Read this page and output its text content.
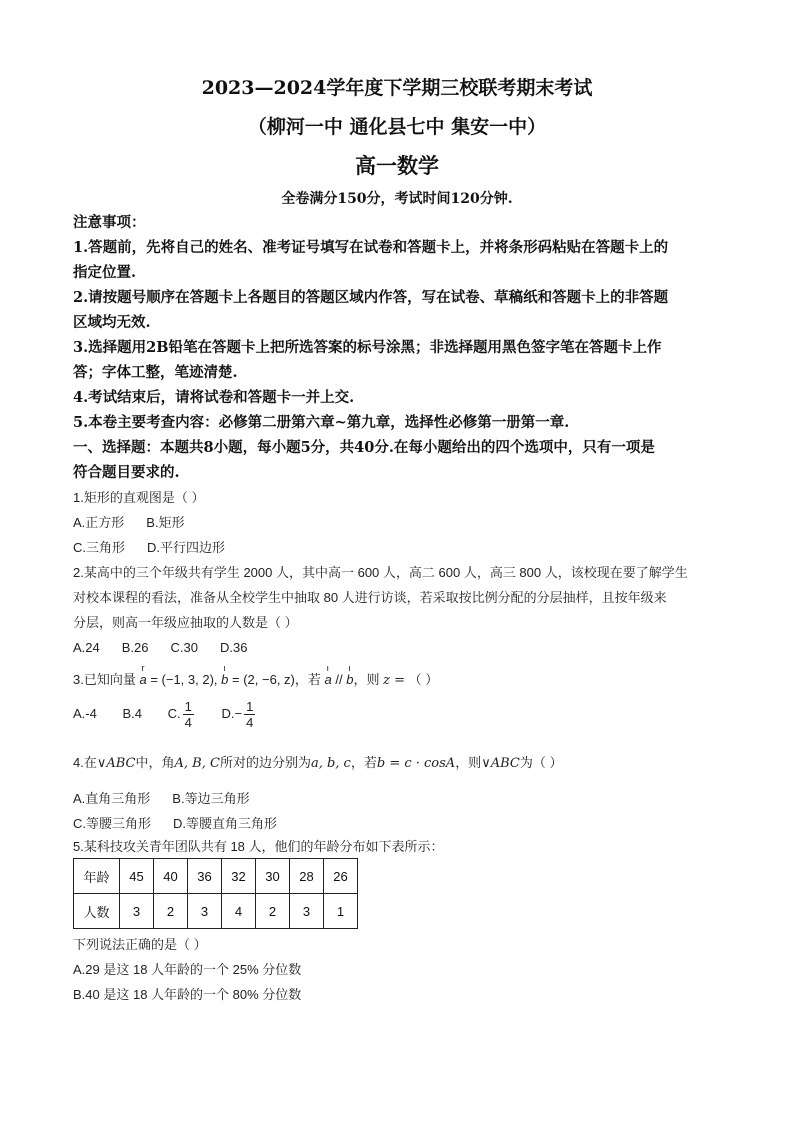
2023—2024学年度下学期三校联考期末考试

（柳河一中 通化县七中 集安一中）

高一数学

全卷满分150分，考试时间120分钟.

注意事项：
1.答题前，先将自己的姓名、准考证号填写在试卷和答题卡上，并将条形码粘贴在答题卡上的
指定位置.
2.请按题号顺序在答题卡上各题目的答题区域内作答，写在试卷、草稿纸和答题卡上的非答题
区域均无效.
3.选择题用2B铅笔在答题卡上把所选答案的标号涂黑；非选择题用黑色签字笔在答题卡上作
答；字体工整，笔迹清楚.
4.考试结束后，请将试卷和答题卡一并上交.
5.本卷主要考查内容：必修第二册第六章~第九章，选择性必修第一册第一章.
一、选择题：本题共8小题，每小题5分，共40分.在每小题给出的四个选项中，只有一项是
符合题目要求的.
1.矩形的直观图是（ ）
A.正方形 B.矩形
C.三角形 D.平行四边形
2.某高中的三个年级共有学生 2000 人，其中高一 600 人，高二 600 人，高三 800 人，该校现在要了解学生
对校本课程的看法，准备从全校学生中抽取 80 人进行访谈，若采取按比例分配的分层抽样，且按年级来
分层，则高一年级应抽取的人数是（ ）
A.24 B.26 C.30 D.36
3.已知向量
r
a = (−1, 3, 2),
ı
b = (2, −6, z)，若
ı
a //
ı
b，则 z = （ ）
A.-4 B.4 C. $\frac{1}{4} D.- \frac{1}{4}$
4.在∨ABC中，角A, B, C所对的边分别为a, b, c，若b = c · cosA，则∨ABC为（ ）
A.直角三角形 B.等边三角形
C.等腰三角形 D.等腰直角三角形
5.某科技攻关青年团队共有 18 人，他们的年龄分布如下表所示：
年龄	45	40	36	32	30	28	26
人数	3	2	3	4	2	3	1
下列说法正确的是（ ）
A.29 是这 18 人年龄的一个 25% 分位数
B.40 是这 18 人年龄的一个 80% 分位数
